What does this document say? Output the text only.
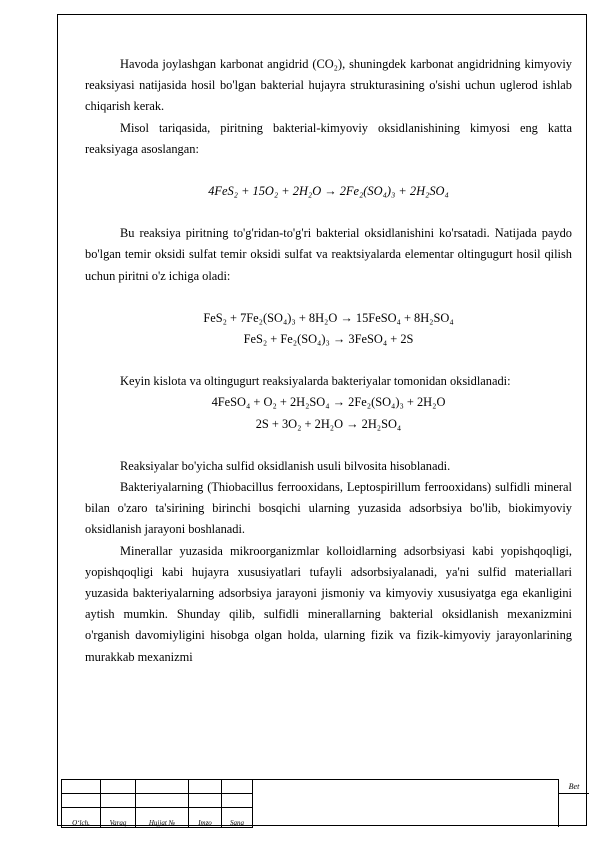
Havoda joylashgan karbonat angidrid (CO₂), shuningdek karbonat angidridning kimyoviy reaksiyasi natijasida hosil bo'lgan bakterial hujayra strukturasining o'sishi uchun uglerod ishlab chiqarish kerak.

Misol tariqasida, piritning bakterial-kimyoviy oksidlanishining kimyosi eng katta reaksiyaga asoslangan:

4FeS₂ + 15O₂ + 2H₂O → 2Fe₂(SO₄)₃ + 2H₂SO₄

Bu reaksiya piritning to'g'ridan-to'g'ri bakterial oksidlanishini ko'rsatadi. Natijada paydo bo'lgan temir oksidi sulfat temir oksidi sulfat va reaktsiyalarda elementar oltingugurt hosil qilish uchun piritni o'z ichiga oladi:

FeS₂ + 7Fe₂(SO₄)₃ + 8H₂O → 15FeSO₄ + 8H₂SO₄

FeS₂ + Fe₂(SO₄)₃ → 3FeSO₄ + 2S

Keyin kislota va oltingugurt reaksiyalarda bakteriyalar tomonidan oksidlanadi:

4FeSO₄ + O₂ + 2H₂SO₄ → 2Fe₂(SO₄)₃ + 2H₂O

2S + 3O₂ + 2H₂O → 2H₂SO₄

Reaksiyalar bo'yicha sulfid oksidlanish usuli bilvosita hisoblanadi.

Bakteriyalarning (Thiobacillus ferrooxidans, Leptospirillum ferrooxidans) sulfidli mineral bilan o'zaro ta'sirining birinchi bosqichi ularning yuzasida adsorbsiya bo'lib, biokimyoviy oksidlanish jarayoni boshlanadi.

Minerallar yuzasida mikroorganizmlar kolloidlarning adsorbsiyasi kabi yopishqoqligi, yopishqoqligi kabi hujayra xususiyatlari tufayli adsorbsiyalanadi, ya'ni sulfid materiallari yuzasida bakteriyalarning adsorbsiya jarayoni jismoniy va kimyoviy xususiyatga ega ekanligini aytish mumkin. Shunday qilib, sulfidli minerallarning bakterial oksidlanish mexanizmini o'rganish davomiyligini hisobga olgan holda, ularning fizik va fizik-kimyoviy jarayonlarining murakkab mexanizmi

O‘lch.	Varaq	Hujjat №	Imzo	Sana
Bet
